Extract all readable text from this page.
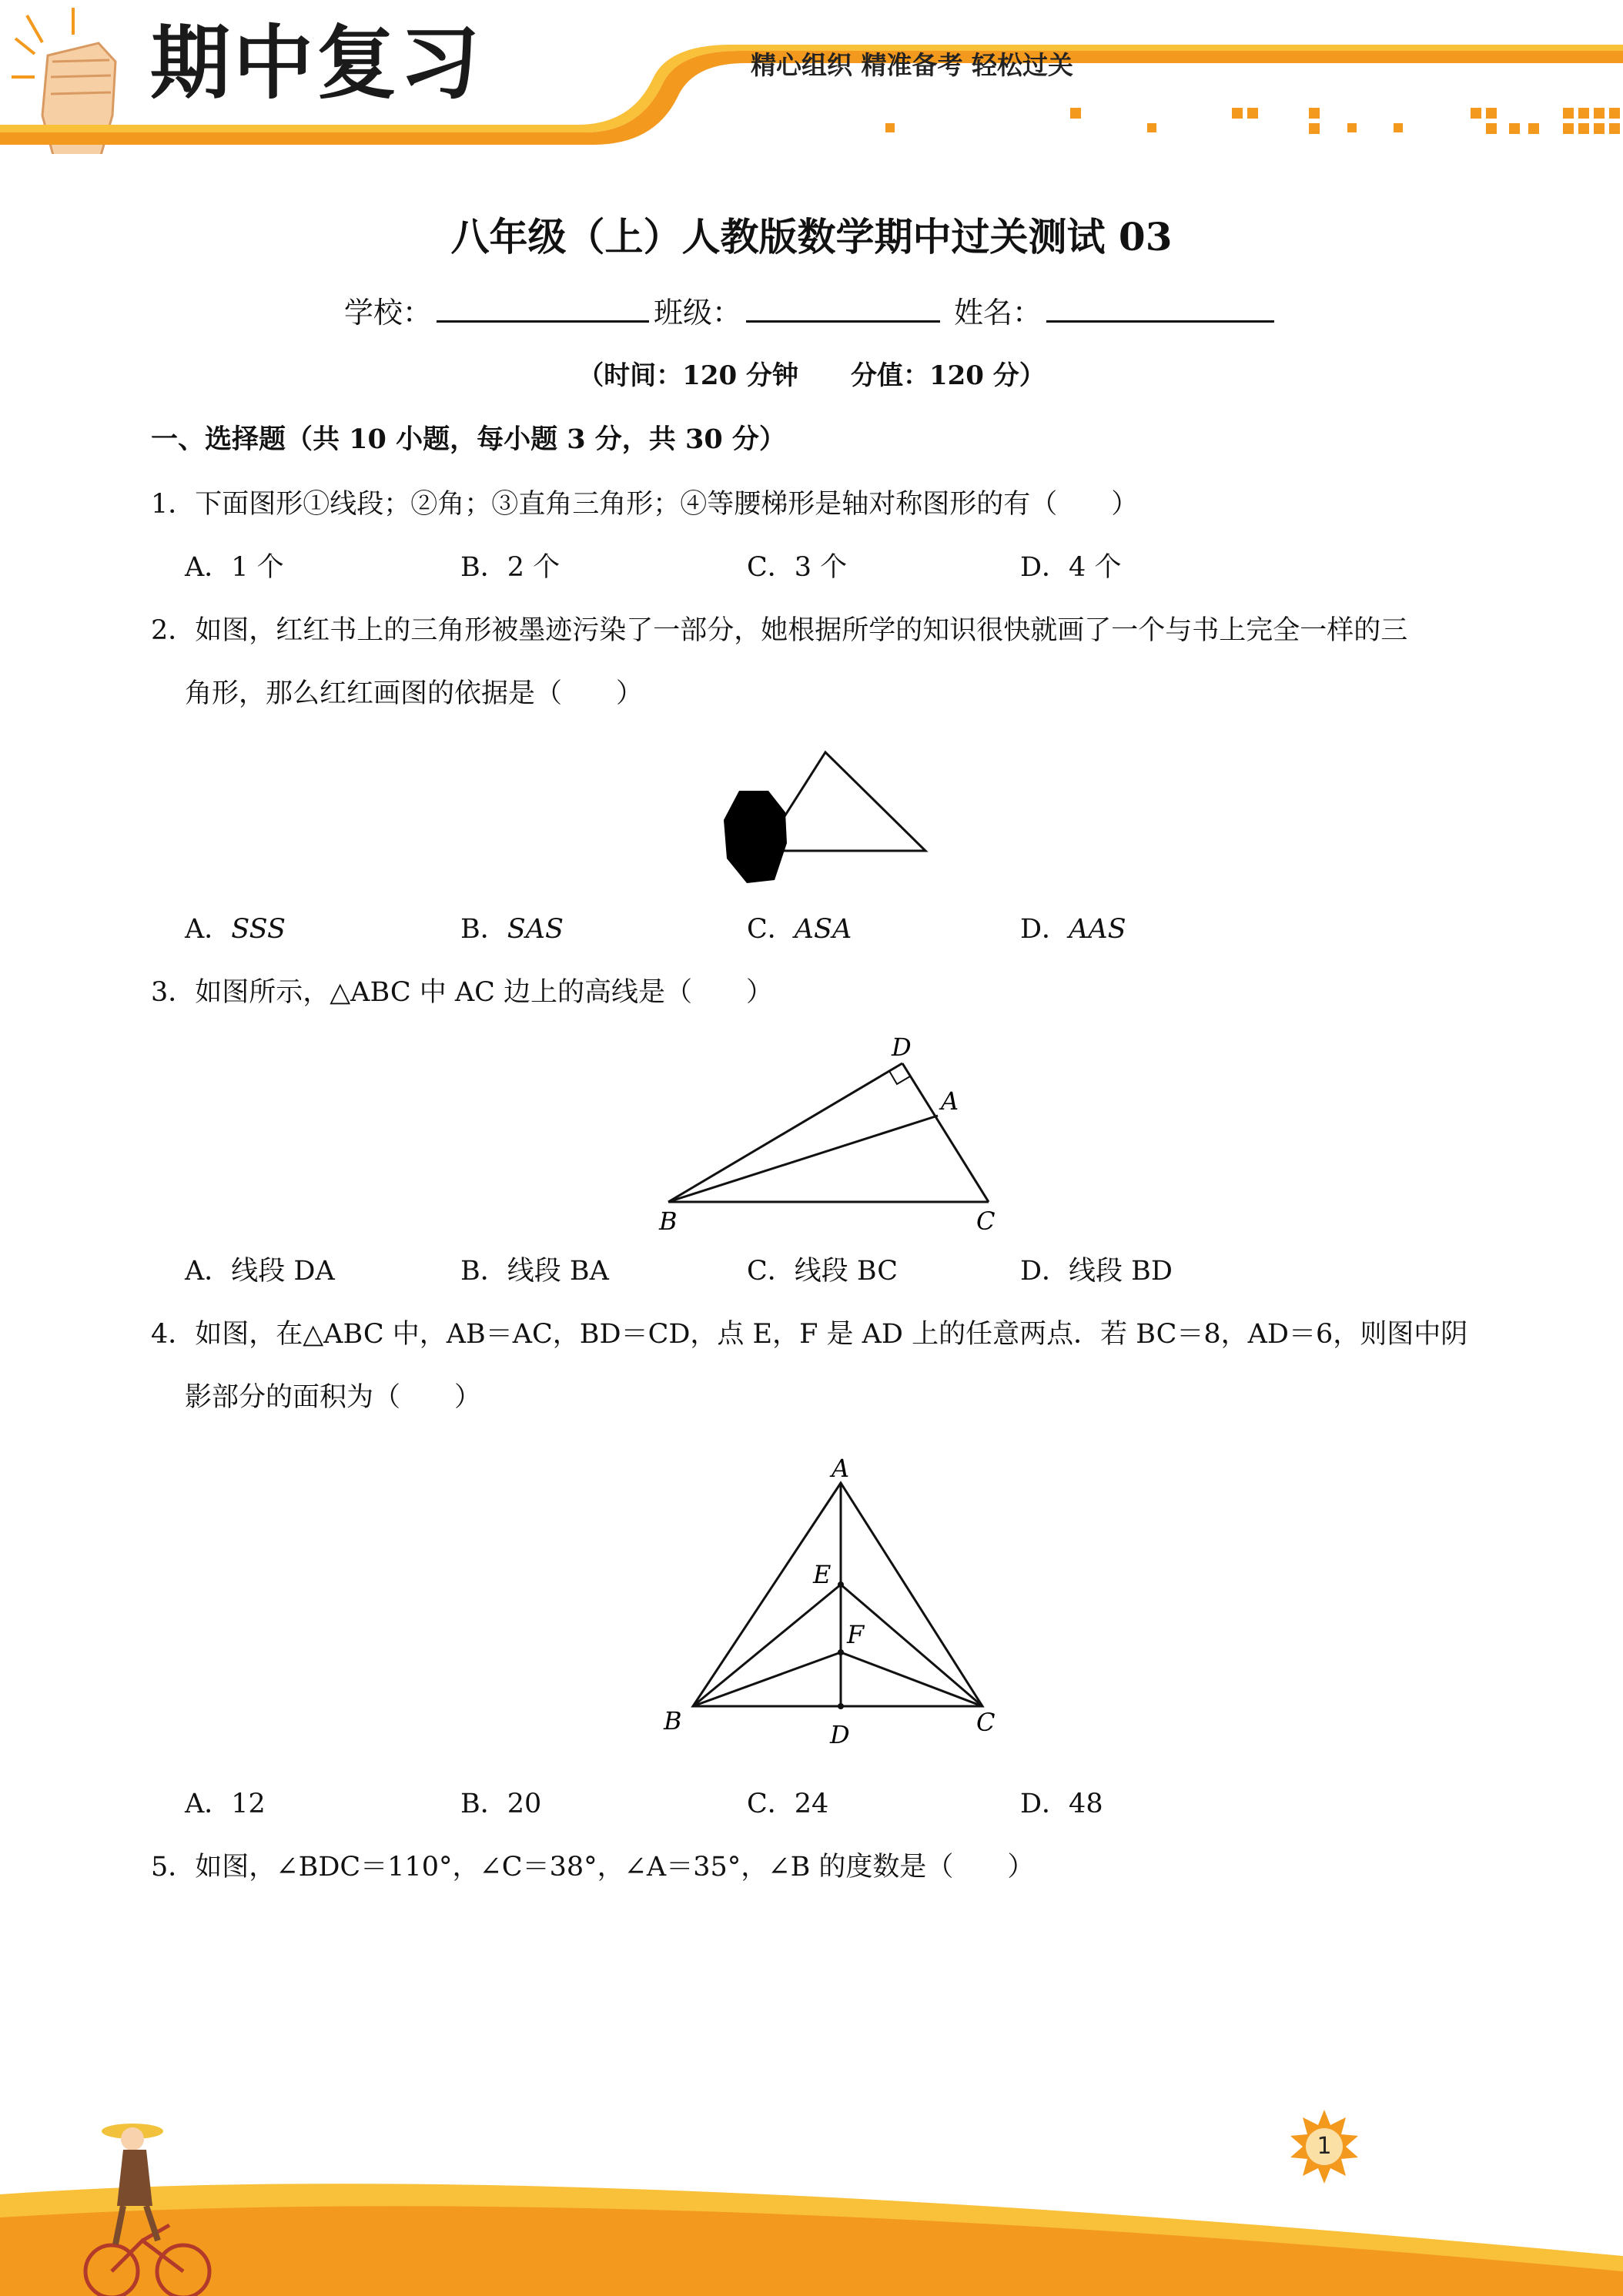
期中复习	精心组织 精准备考 轻松过关
八年级（上）人教版数学期中过关测试 03
学校：	班级：	姓名：
（时间：120 分钟　　分值：120 分）
一、选择题（共 10 小题，每小题 3 分，共 30 分）
1．下面图形①线段；②角；③直角三角形；④等腰梯形是轴对称图形的有（　　）
A．1 个	B．2 个	C．3 个	D．4 个
2．如图，红红书上的三角形被墨迹污染了一部分，她根据所学的知识很快就画了一个与书上完全一样的三
角形，那么红红画图的依据是（　　）
A．SSS	B．SAS	C．ASA	D．AAS
3．如图所示，△ABC 中 AC 边上的高线是（　　）
D
A
B	C
A．线段 DA	B．线段 BA	C．线段 BC	D．线段 BD
4．如图，在△ABC 中，AB＝AC，BD＝CD，点 E，F 是 AD 上的任意两点．若 BC＝8，AD＝6，则图中阴
影部分的面积为（　　）
A
E
F
B	D	C
A．12	B．20	C．24	D．48
5．如图，∠BDC＝110°，∠C＝38°，∠A＝35°，∠B 的度数是（　　）
1
